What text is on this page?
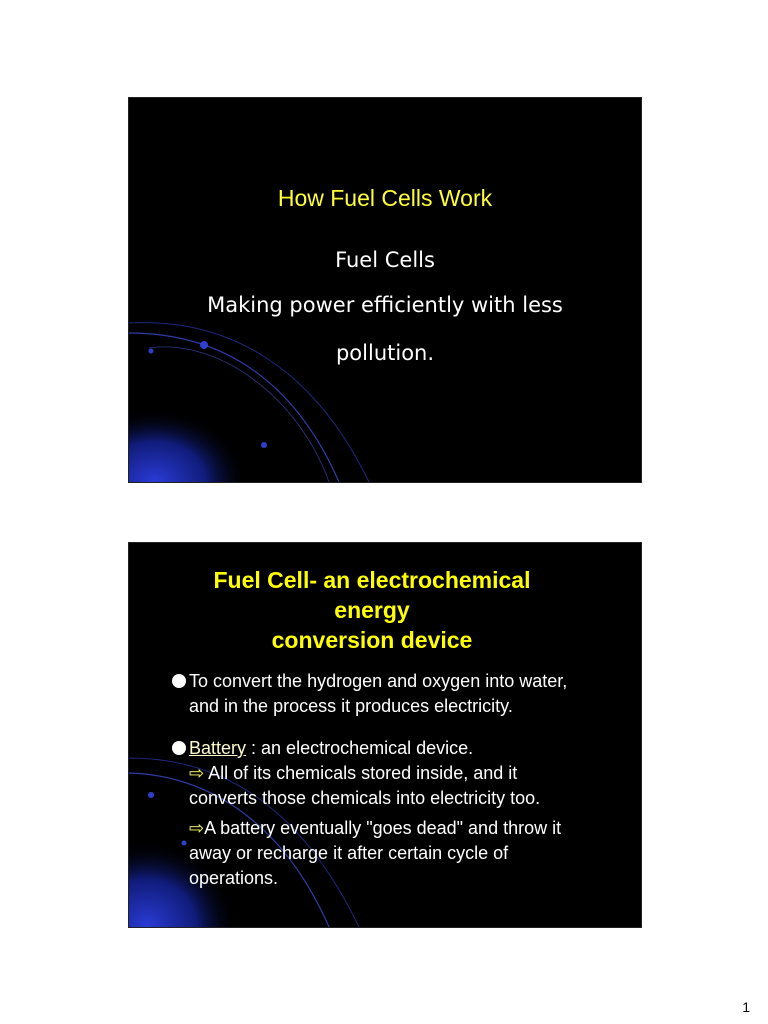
How Fuel Cells Work
Fuel Cells
Making power efficiently with less
pollution.
Fuel Cell- an electrochemical
energy
conversion device
To convert the hydrogen and oxygen into water,
and in the process it produces electricity.
Battery : an electrochemical device.
⇨ All of its chemicals stored inside, and it
converts those chemicals into electricity too.
⇨A battery eventually "goes dead" and throw it
away or recharge it after certain cycle of
operations.
1
